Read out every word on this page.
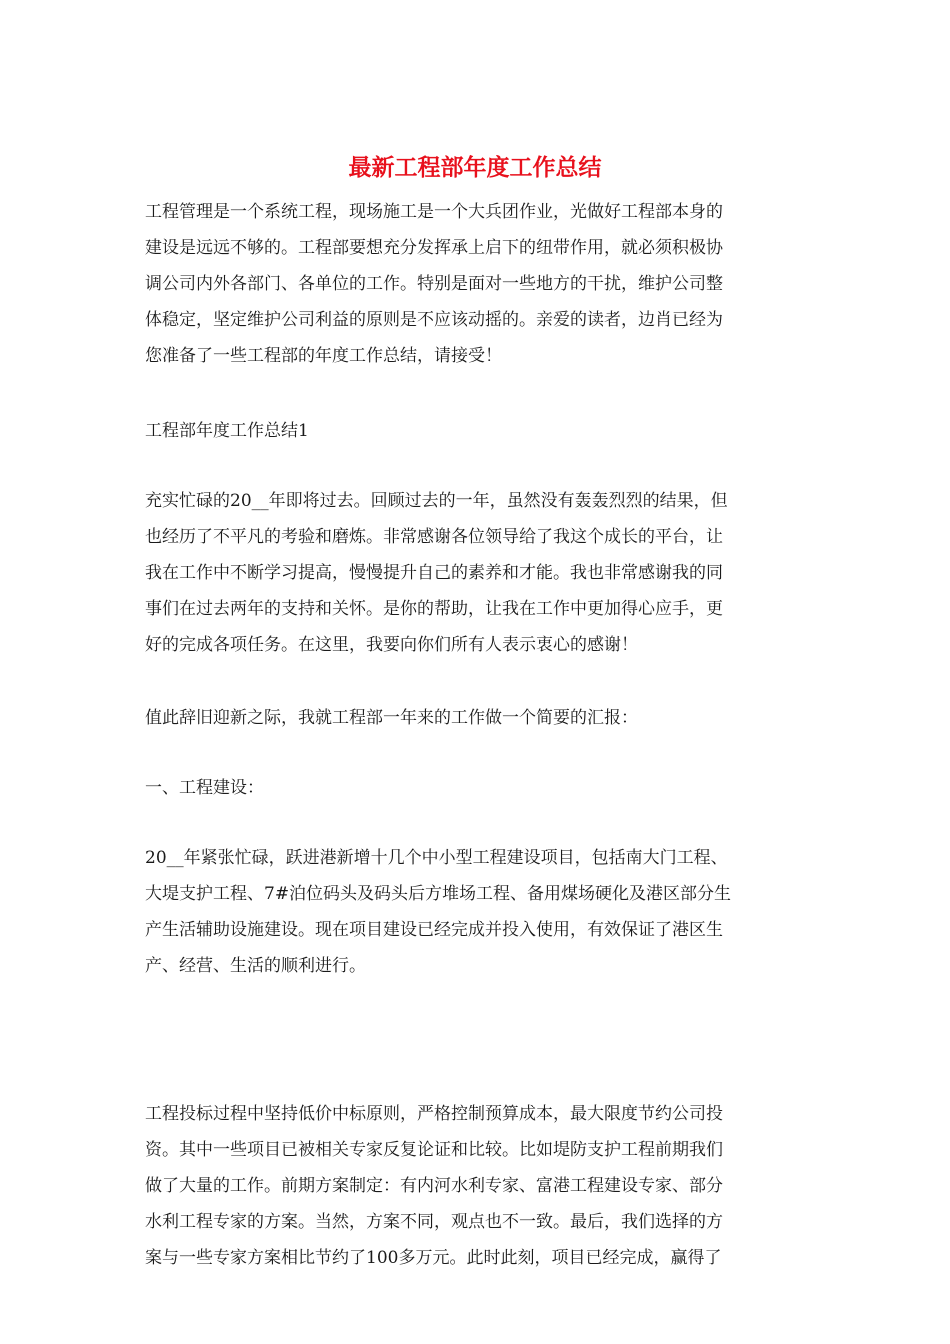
最新工程部年度工作总结
工程管理是一个系统工程，现场施工是一个大兵团作业，光做好工程部本身的
建设是远远不够的。工程部要想充分发挥承上启下的纽带作用，就必须积极协
调公司内外各部门、各单位的工作。特别是面对一些地方的干扰，维护公司整
体稳定，坚定维护公司利益的原则是不应该动摇的。亲爱的读者，边肖已经为
您准备了一些工程部的年度工作总结，请接受！
工程部年度工作总结1
充实忙碌的20__年即将过去。回顾过去的一年，虽然没有轰轰烈烈的结果，但
也经历了不平凡的考验和磨炼。非常感谢各位领导给了我这个成长的平台，让
我在工作中不断学习提高，慢慢提升自己的素养和才能。我也非常感谢我的同
事们在过去两年的支持和关怀。是你的帮助，让我在工作中更加得心应手，更
好的完成各项任务。在这里，我要向你们所有人表示衷心的感谢！
值此辞旧迎新之际，我就工程部一年来的工作做一个简要的汇报：
一、工程建设：
20__年紧张忙碌，跃进港新增十几个中小型工程建设项目，包括南大门工程、
大堤支护工程、7#泊位码头及码头后方堆场工程、备用煤场硬化及港区部分生
产生活辅助设施建设。现在项目建设已经完成并投入使用，有效保证了港区生
产、经营、生活的顺利进行。
工程投标过程中坚持低价中标原则，严格控制预算成本，最大限度节约公司投
资。其中一些项目已被相关专家反复论证和比较。比如堤防支护工程前期我们
做了大量的工作。前期方案制定：有内河水利专家、富港工程建设专家、部分
水利工程专家的方案。当然，方案不同，观点也不一致。最后，我们选择的方
案与一些专家方案相比节约了100多万元。此时此刻，项目已经完成，赢得了
